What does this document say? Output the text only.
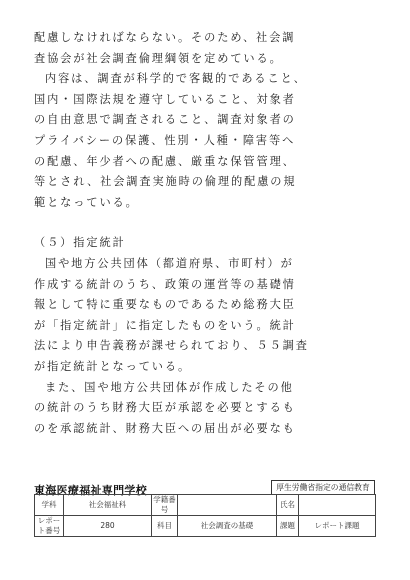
配慮しなければならない。そのため、社会調
査協会が社会調査倫理綱領を定めている。
内容は、調査が科学的で客観的であること、
国内・国際法規を遵守していること、対象者
の自由意思で調査されること、調査対象者の
プライバシーの保護、性別・人種・障害等へ
の配慮、年少者への配慮、厳重な保管管理、
等とされ、社会調査実施時の倫理的配慮の規
範となっている。
（５）指定統計
国や地方公共団体（都道府県、市町村）が
作成する統計のうち、政策の運営等の基礎情
報として特に重要なものであるため総務大臣
が「指定統計」に指定したものをいう。統計
法により申告義務が課せられており、５５調査
が指定統計となっている。
また、国や地方公共団体が作成したその他
の統計のうち財務大臣が承認を必要とするも
のを承認統計、財務大臣への届出が必要なも
東海医療福祉専門学校	厚生労働省指定の通信教育
学科	社会福祉科	学籍番号		氏名	
レポート番号	280	科目	社会調査の基礎	課題	レポート課題
